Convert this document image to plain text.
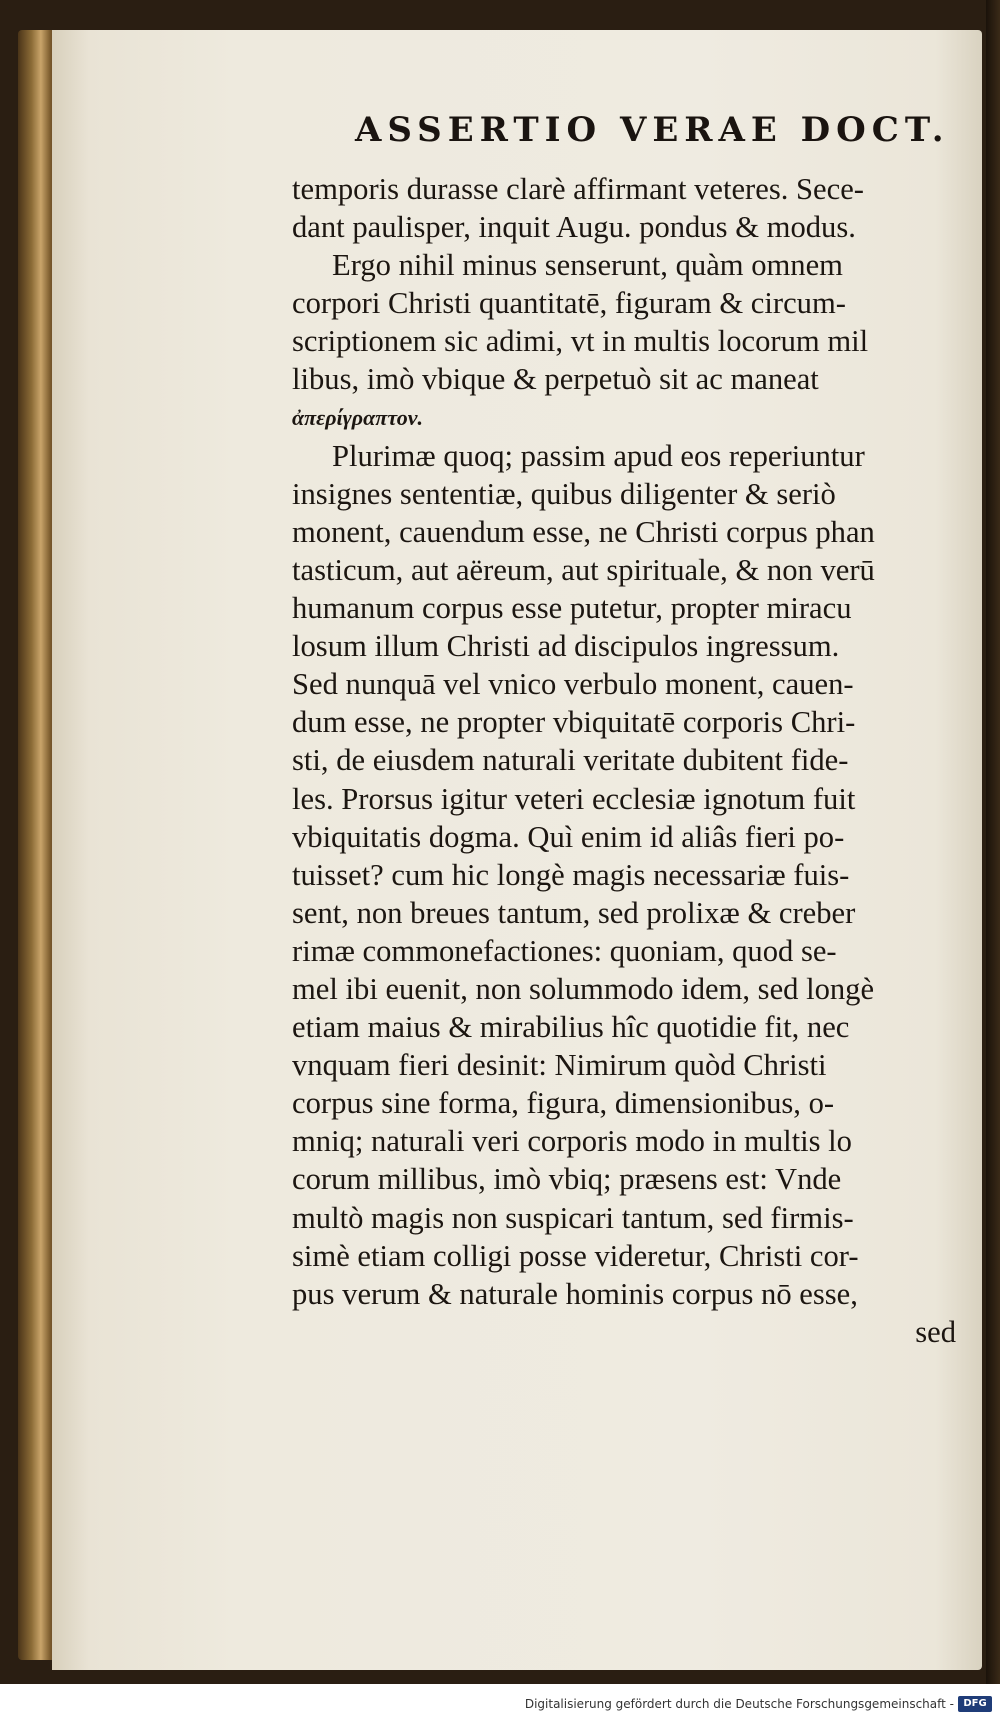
ASSERTIO VERAE DOCT.
temporis durasse clarè affirmant veteres. Sece-
dant paulisper, inquit Augu. pondus & modus.
Ergo nihil minus senserunt, quàm omnem
corpori Christi quantitatē, figuram & circum-
scriptionem sic adimi, vt in multis locorum mil
libus, imò vbique & perpetuò sit ac maneat
ἀπερίγραπτον.
Plurimæ quoq; passim apud eos reperiuntur
insignes sententiæ, quibus diligenter & seriò
monent, cauendum esse, ne Christi corpus phan
tasticum, aut aëreum, aut spirituale, & non verū
humanum corpus esse putetur, propter miracu
losum illum Christi ad discipulos ingressum.
Sed nunquā vel vnico verbulo monent, cauen-
dum esse, ne propter vbiquitatē corporis Chri-
sti, de eiusdem naturali veritate dubitent fide-
les. Prorsus igitur veteri ecclesiæ ignotum fuit
vbiquitatis dogma. Quì enim id aliâs fieri po-
tuisset? cum hic longè magis necessariæ fuis-
sent, non breues tantum, sed prolixæ & creber
rimæ commonefactiones: quoniam, quod se-
mel ibi euenit, non solummodo idem, sed longè
etiam maius & mirabilius hîc quotidie fit, nec
vnquam fieri desinit: Nimirum quòd Christi
corpus sine forma, figura, dimensionibus, o-
mniq; naturali veri corporis modo in multis lo
corum millibus, imò vbiq; præsens est: Vnde
multò magis non suspicari tantum, sed firmis-
simè etiam colligi posse videretur, Christi cor-
pus verum & naturale hominis corpus nō esse,
sed
Digitalisierung gefördert durch die Deutsche Forschungsgemeinschaft - DFG
